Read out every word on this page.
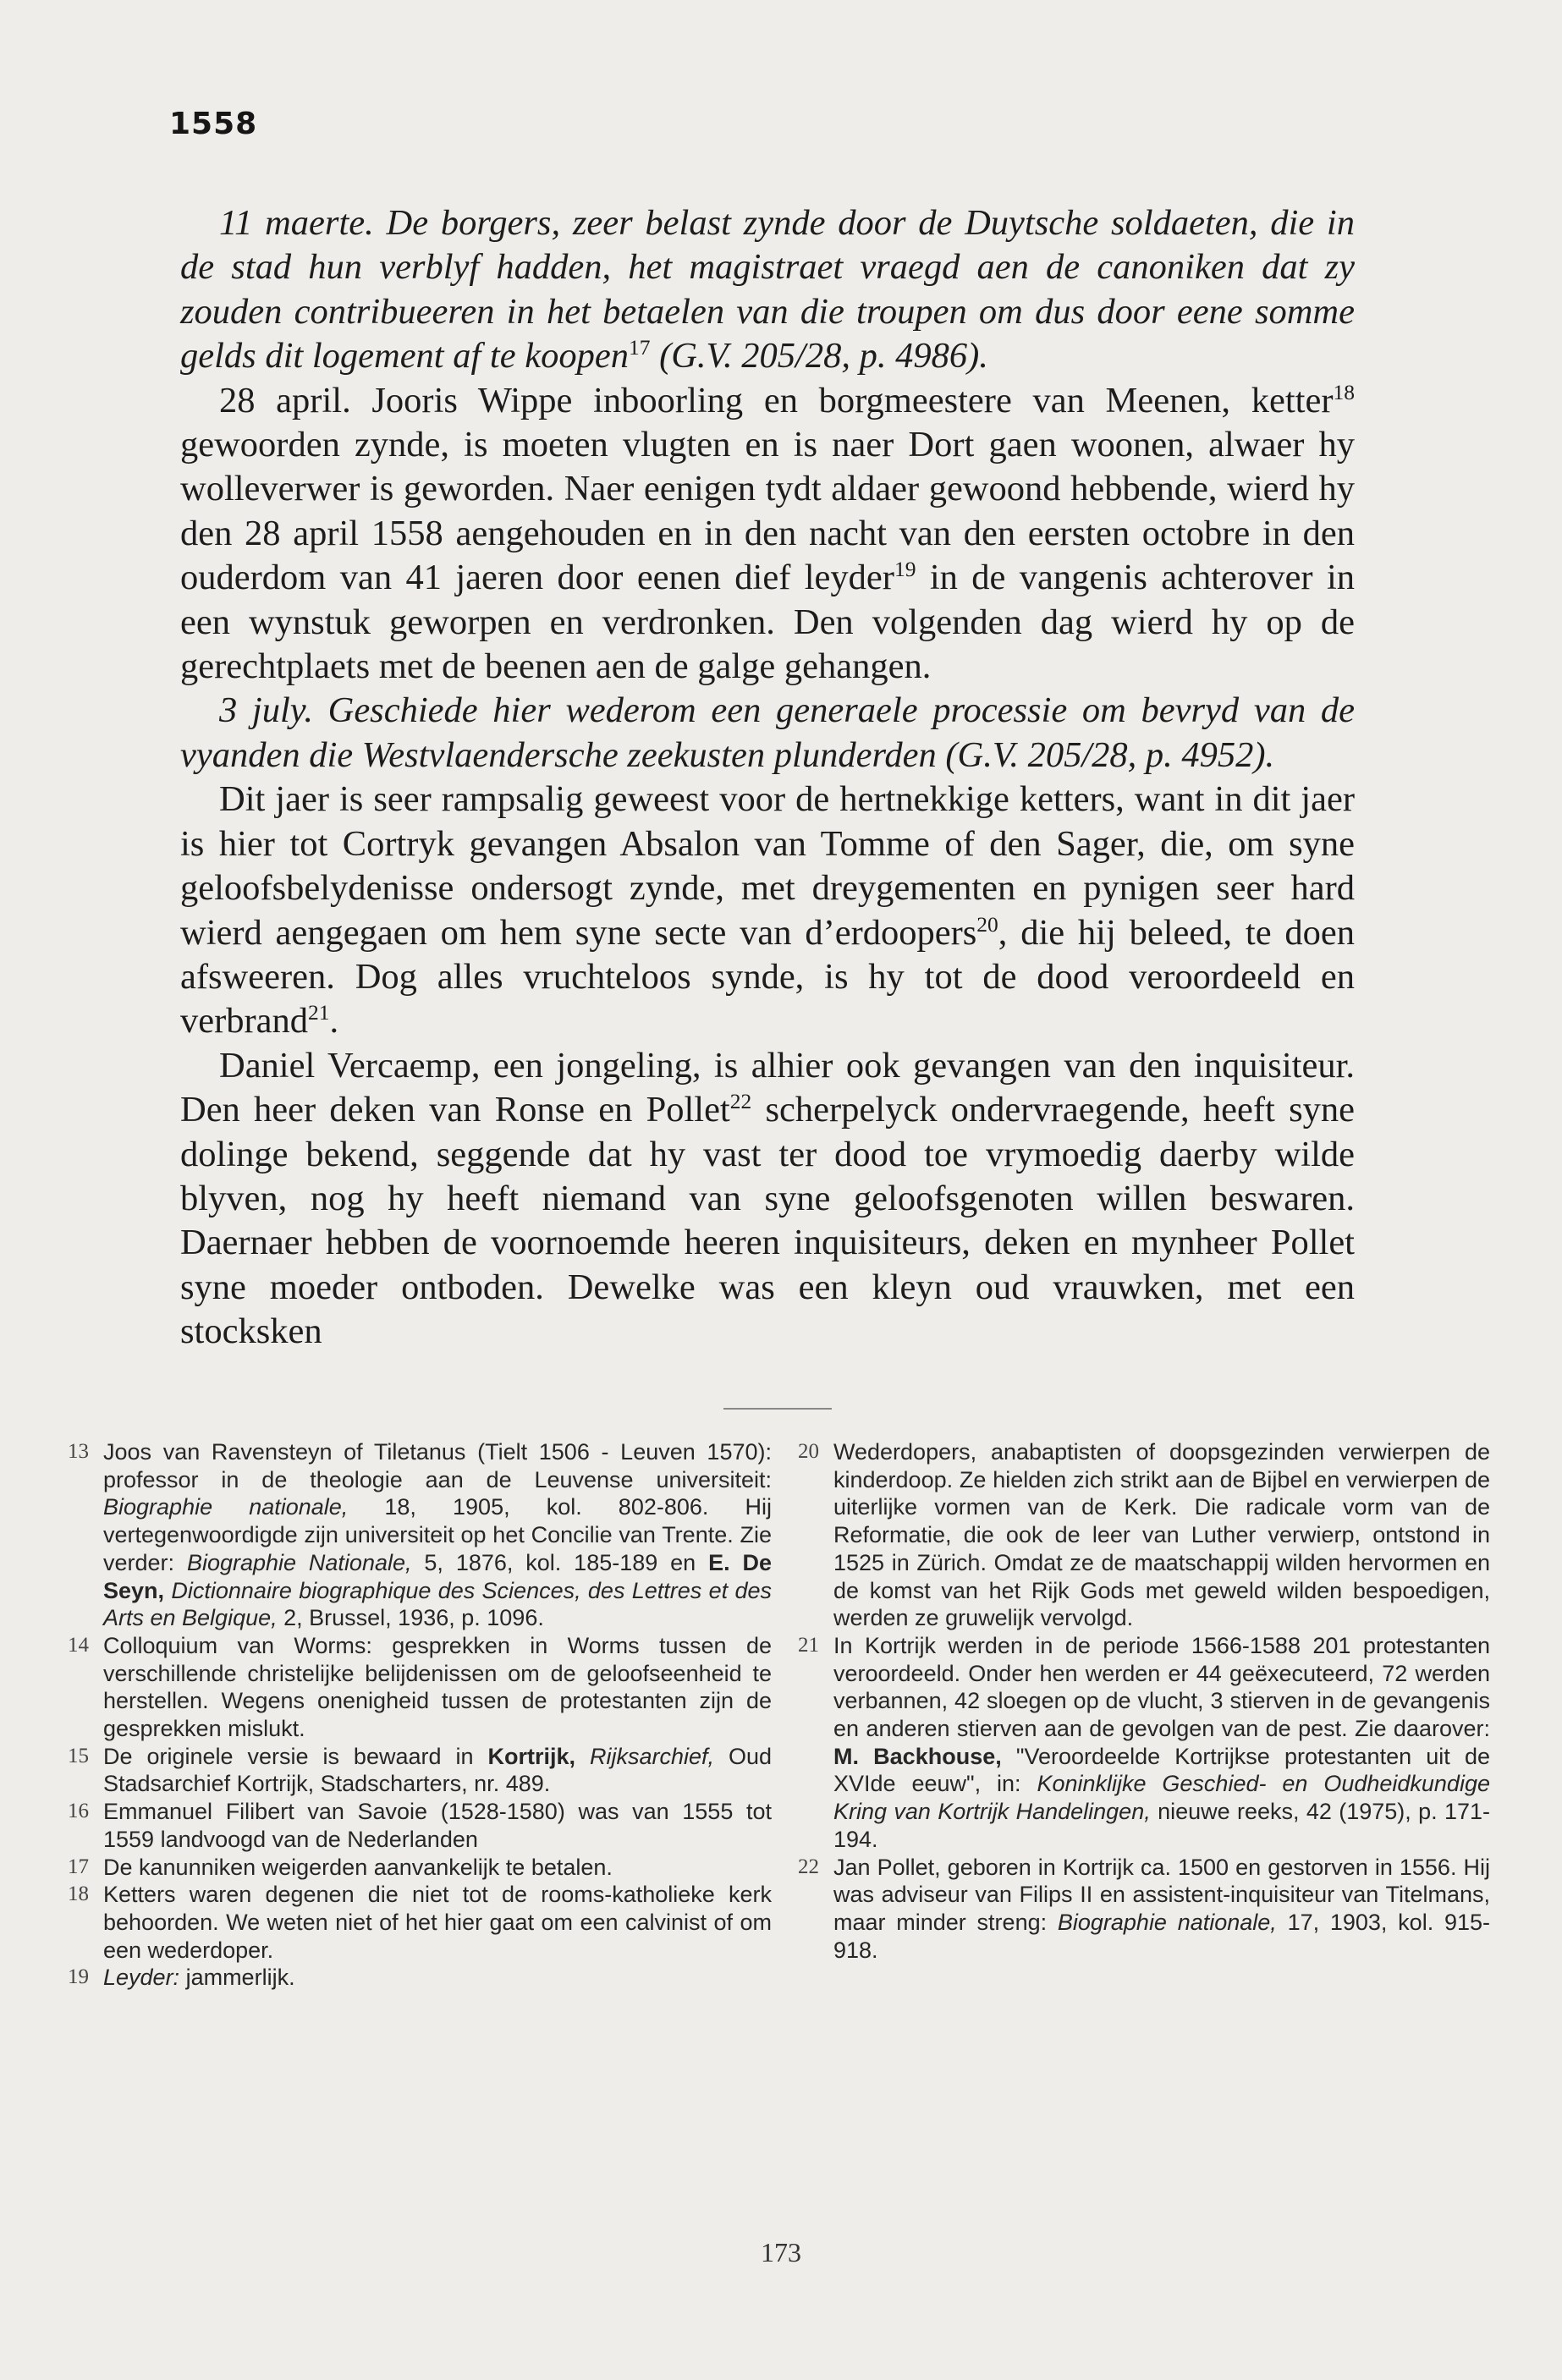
1558

11 maerte. De borgers, zeer belast zynde door de Duytsche soldaeten, die in de stad hun verblyf hadden, het magistraet vraegd aen de canoniken dat zy zouden contribueeren in het betaelen van die troupen om dus door eene somme gelds dit logement af te koopen$^{17}$ (G.V. 205/28, p. 4986).

28 april. Jooris Wippe inboorling en borgmeestere van Meenen, ketter$^{18}$ gewoorden zynde, is moeten vlugten en is naer Dort gaen woonen, alwaer hy wolleverwer is geworden. Naer eenigen tydt aldaer gewoond hebbende, wierd hy den 28 april 1558 aengehouden en in den nacht van den eersten octobre in den ouderdom van 41 jaeren door eenen dief leyder$^{19}$ in de vangenis achterover in een wynstuk geworpen en verdronken. Den volgenden dag wierd hy op de gerechtplaets met de beenen aen de galge gehangen.

3 july. Geschiede hier wederom een generaele processie om bevryd van de vyanden die Westvlaendersche zeekusten plunderden (G.V. 205/28, p. 4952).

Dit jaer is seer rampsalig geweest voor de hertnekkige ketters, want in dit jaer is hier tot Cortryk gevangen Absalon van Tomme of den Sager, die, om syne geloofsbelydenisse ondersogt zynde, met dreygementen en pynigen seer hard wierd aengegaen om hem syne secte van d’erdoopers$^{20}$, die hij beleed, te doen afsweeren. Dog alles vruchteloos synde, is hy tot de dood veroordeeld en verbrand$^{21}$.

Daniel Vercaemp, een jongeling, is alhier ook gevangen van den inquisiteur. Den heer deken van Ronse en Pollet$^{22}$ scherpelyck ondervraegende, heeft syne dolinge bekend, seggende dat hy vast ter dood toe vrymoedig daerby wilde blyven, nog hy heeft niemand van syne geloofsgenoten willen beswaren. Daernaer hebben de voornoemde heeren inquisiteurs, deken en mynheer Pollet syne moeder ontboden. Dewelke was een kleyn oud vrauwken, met een stocksken

13 Joos van Ravensteyn of Tiletanus (Tielt 1506 - Leuven 1570): professor in de theologie aan de Leuvense universiteit: Biographie nationale, 18, 1905, kol. 802-806. Hij vertegenwoordigde zijn universiteit op het Concilie van Trente. Zie verder: Biographie Nationale, 5, 1876, kol. 185-189 en E. De Seyn, Dictionnaire biographique des Sciences, des Lettres et des Arts en Belgique, 2, Brussel, 1936, p. 1096.

14 Colloquium van Worms: gesprekken in Worms tussen de verschillende christelijke belijdenissen om de geloofseenheid te herstellen. Wegens onenigheid tussen de protestanten zijn de gesprekken mislukt.

15 De originele versie is bewaard in Kortrijk, Rijksarchief, Oud Stadsarchief Kortrijk, Stadscharters, nr. 489.

16 Emmanuel Filibert van Savoie (1528-1580) was van 1555 tot 1559 landvoogd van de Nederlanden

17 De kanunniken weigerden aanvankelijk te betalen.

18 Ketters waren degenen die niet tot de rooms-katholieke kerk behoorden. We weten niet of het hier gaat om een calvinist of om een wederdoper.

19 Leyder: jammerlijk.

20 Wederdopers, anabaptisten of doopsgezinden verwierpen de kinderdoop. Ze hielden zich strikt aan de Bijbel en verwierpen de uiterlijke vormen van de Kerk. Die radicale vorm van de Reformatie, die ook de leer van Luther verwierp, ontstond in 1525 in Zürich. Omdat ze de maatschappij wilden hervormen en de komst van het Rijk Gods met geweld wilden bespoedigen, werden ze gruwelijk vervolgd.

21 In Kortrijk werden in de periode 1566-1588 201 protestanten veroordeeld. Onder hen werden er 44 geëxecuteerd, 72 werden verbannen, 42 sloegen op de vlucht, 3 stierven in de gevangenis en anderen stierven aan de gevolgen van de pest. Zie daarover: M. Backhouse, "Veroordeelde Kortrijkse protestanten uit de XVIde eeuw", in: Koninklijke Geschied- en Oudheidkundige Kring van Kortrijk Handelingen, nieuwe reeks, 42 (1975), p. 171-194.

22 Jan Pollet, geboren in Kortrijk ca. 1500 en gestorven in 1556. Hij was adviseur van Filips II en assistent-inquisiteur van Titelmans, maar minder streng: Biographie nationale, 17, 1903, kol. 915-918.

173
